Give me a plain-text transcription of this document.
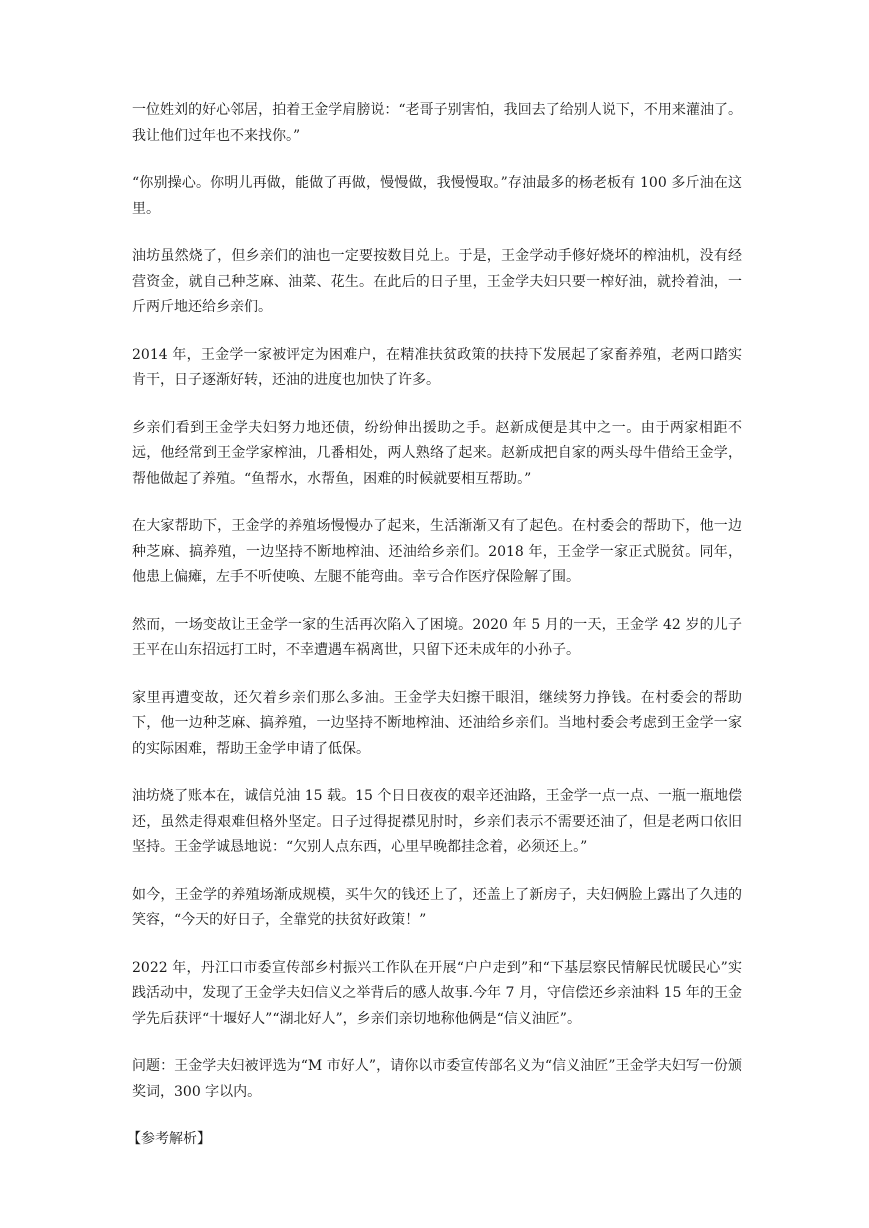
一位姓刘的好心邻居，拍着王金学肩膀说：“老哥子别害怕，我回去了给别人说下，不用来灌油了。我让他们过年也不来找你。”

“你别操心。你明儿再做，能做了再做，慢慢做，我慢慢取。”存油最多的杨老板有 100 多斤油在这里。

油坊虽然烧了，但乡亲们的油也一定要按数目兑上。于是，王金学动手修好烧坏的榨油机，没有经营资金，就自己种芝麻、油菜、花生。在此后的日子里，王金学夫妇只要一榨好油，就拎着油，一斤两斤地还给乡亲们。

2014 年，王金学一家被评定为困难户，在精准扶贫政策的扶持下发展起了家畜养殖，老两口踏实肯干，日子逐渐好转，还油的进度也加快了许多。

乡亲们看到王金学夫妇努力地还债，纷纷伸出援助之手。赵新成便是其中之一。由于两家相距不远，他经常到王金学家榨油，几番相处，两人熟络了起来。赵新成把自家的两头母牛借给王金学，帮他做起了养殖。“鱼帮水，水帮鱼，困难的时候就要相互帮助。”

在大家帮助下，王金学的养殖场慢慢办了起来，生活渐渐又有了起色。在村委会的帮助下，他一边种芝麻、搞养殖，一边坚持不断地榨油、还油给乡亲们。2018 年，王金学一家正式脱贫。同年，他患上偏瘫，左手不听使唤、左腿不能弯曲。幸亏合作医疗保险解了围。

然而，一场变故让王金学一家的生活再次陷入了困境。2020 年 5 月的一天，王金学 42 岁的儿子王平在山东招远打工时，不幸遭遇车祸离世，只留下还未成年的小孙子。

家里再遭变故，还欠着乡亲们那么多油。王金学夫妇擦干眼泪，继续努力挣钱。在村委会的帮助下，他一边种芝麻、搞养殖，一边坚持不断地榨油、还油给乡亲们。当地村委会考虑到王金学一家的实际困难，帮助王金学申请了低保。

油坊烧了账本在，诚信兑油 15 载。15 个日日夜夜的艰辛还油路，王金学一点一点、一瓶一瓶地偿还，虽然走得艰难但格外坚定。日子过得捉襟见肘时，乡亲们表示不需要还油了，但是老两口依旧坚持。王金学诚恳地说：“欠别人点东西，心里早晚都挂念着，必须还上。”

如今，王金学的养殖场渐成规模，买牛欠的钱还上了，还盖上了新房子，夫妇俩脸上露出了久违的笑容，“今天的好日子，全靠党的扶贫好政策！”

2022 年，丹江口市委宣传部乡村振兴工作队在开展“户户走到”和“下基层察民情解民忧暖民心”实践活动中，发现了王金学夫妇信义之举背后的感人故事.今年 7 月，守信偿还乡亲油料 15 年的王金学先后获评“十堰好人”“湖北好人”，乡亲们亲切地称他俩是“信义油匠”。

问题：王金学夫妇被评选为“M 市好人”，请你以市委宣传部名义为“信义油匠”王金学夫妇写一份颁奖词，300 字以内。

【参考解析】
